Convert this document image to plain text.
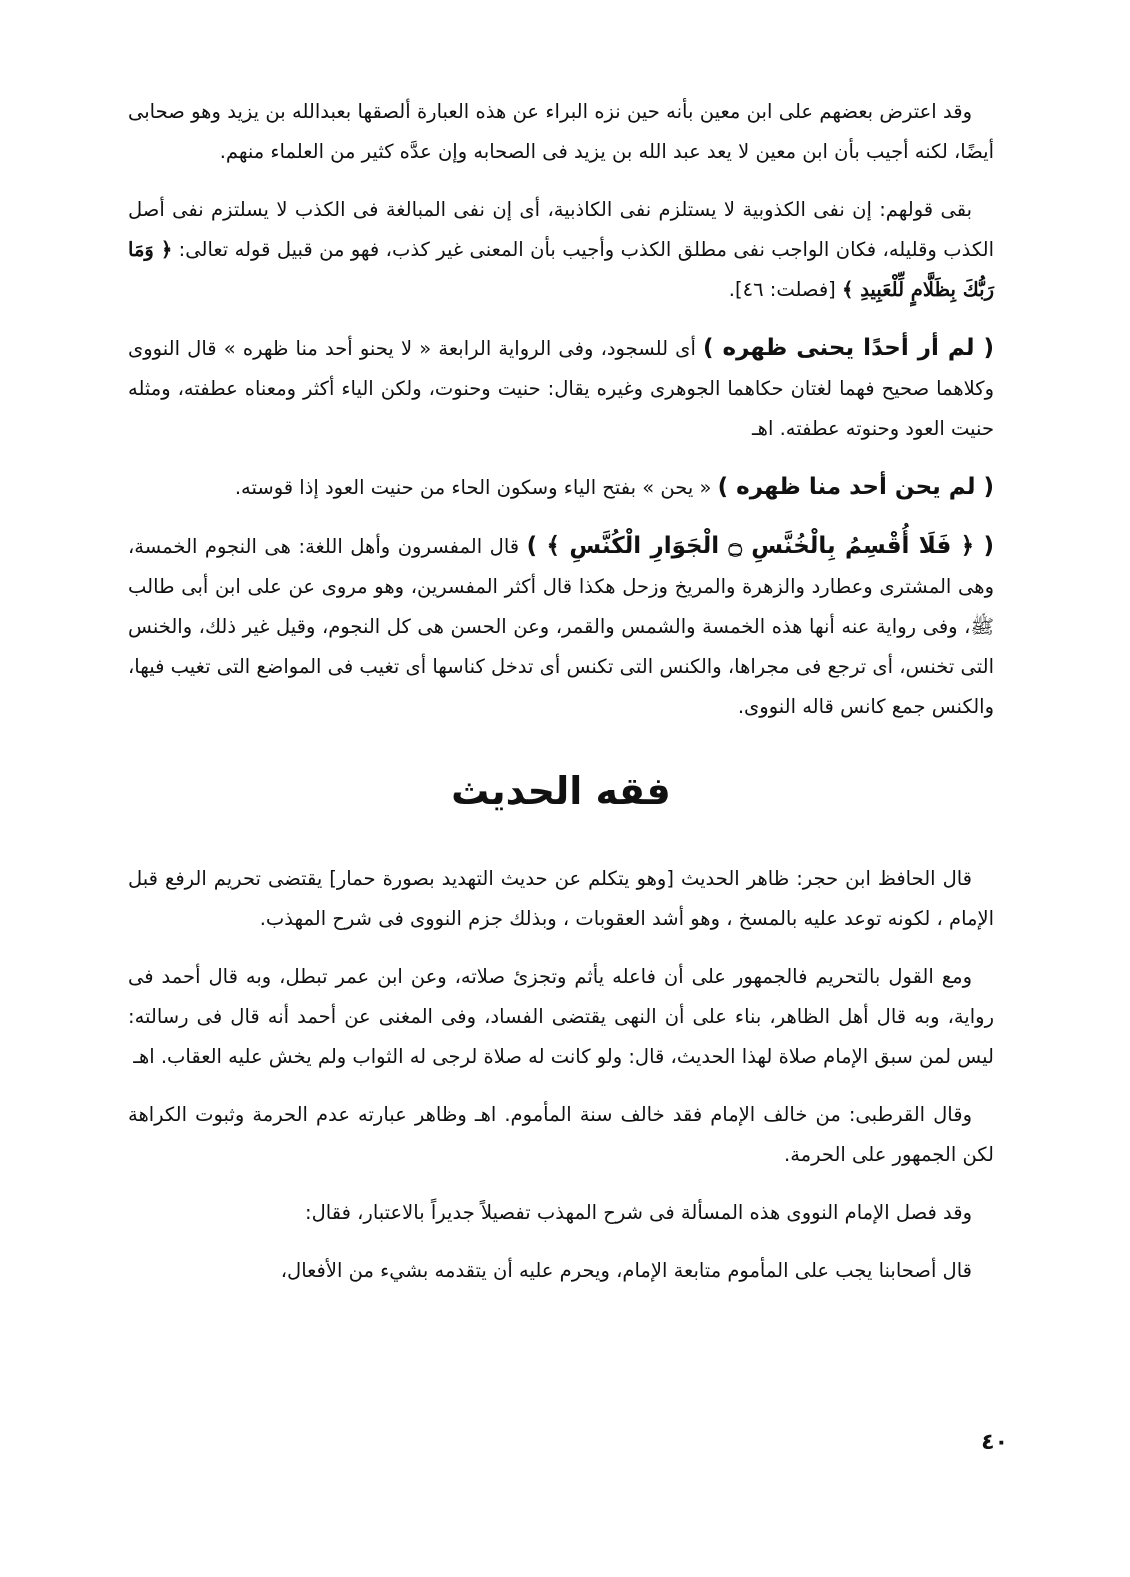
وقد اعترض بعضهم على ابن معين بأنه حين نزه البراء عن هذه العبارة ألصقها بعبدالله بن يزيد وهو صحابى أيضًا، لكنه أجيب بأن ابن معين لا يعد عبد الله بن يزيد فى الصحابه وإن عدَّه كثير من العلماء منهم.

بقى قولهم: إن نفى الكذوبية لا يستلزم نفى الكاذبية، أى إن نفى المبالغة فى الكذب لا يسلتزم نفى أصل الكذب وقليله، فكان الواجب نفى مطلق الكذب وأجيب بأن المعنى غير كذب، فهو من قبيل قوله تعالى: ﴿ وَمَا رَبُّكَ بِظَلَّامٍ لِّلْعَبِيدِ ﴾ [فصلت: ٤٦].

( لم أر أحدًا يحنى ظهره ) أى للسجود، وفى الرواية الرابعة « لا يحنو أحد منا ظهره » قال النووى وكلاهما صحيح فهما لغتان حكاهما الجوهرى وغيره يقال: حنيت وحنوت، ولكن الياء أكثر ومعناه عطفته، ومثله حنيت العود وحنوته عطفته. اهـ

( لم يحن أحد منا ظهره ) « يحن » بفتح الياء وسكون الحاء من حنيت العود إذا قوسته.

( ﴿ فَلَا أُقْسِمُ بِالْخُنَّسِ ۝ الْجَوَارِ الْكُنَّسِ ﴾ ) قال المفسرون وأهل اللغة: هى النجوم الخمسة، وهى المشترى وعطارد والزهرة والمريخ وزحل هكذا قال أكثر المفسرين، وهو مروى عن على ابن أبى طالب ﷺ، وفى رواية عنه أنها هذه الخمسة والشمس والقمر، وعن الحسن هى كل النجوم، وقيل غير ذلك، والخنس التى تخنس، أى ترجع فى مجراها، والكنس التى تكنس أى تدخل كناسها أى تغيب فى المواضع التى تغيب فيها، والكنس جمع كانس قاله النووى.

فقه الحديث

قال الحافظ ابن حجر: ظاهر الحديث [وهو يتكلم عن حديث التهديد بصورة حمار] يقتضى تحريم الرفع قبل الإمام ، لكونه توعد عليه بالمسخ ، وهو أشد العقوبات ، وبذلك جزم النووى فى شرح المهذب.

ومع القول بالتحريم فالجمهور على أن فاعله يأثم وتجزئ صلاته، وعن ابن عمر تبطل، وبه قال أحمد فى رواية، وبه قال أهل الظاهر، بناء على أن النهى يقتضى الفساد، وفى المغنى عن أحمد أنه قال فى رسالته: ليس لمن سبق الإمام صلاة لهذا الحديث، قال: ولو كانت له صلاة لرجى له الثواب ولم يخش عليه العقاب. اهـ

وقال القرطبى: من خالف الإمام فقد خالف سنة المأموم. اهـ وظاهر عبارته عدم الحرمة وثبوت الكراهة لكن الجمهور على الحرمة.

وقد فصل الإمام النووى هذه المسألة فى شرح المهذب تفصيلاً جديراً بالاعتبار، فقال:

قال أصحابنا يجب على المأموم متابعة الإمام، ويحرم عليه أن يتقدمه بشيء من الأفعال،

٤٠
